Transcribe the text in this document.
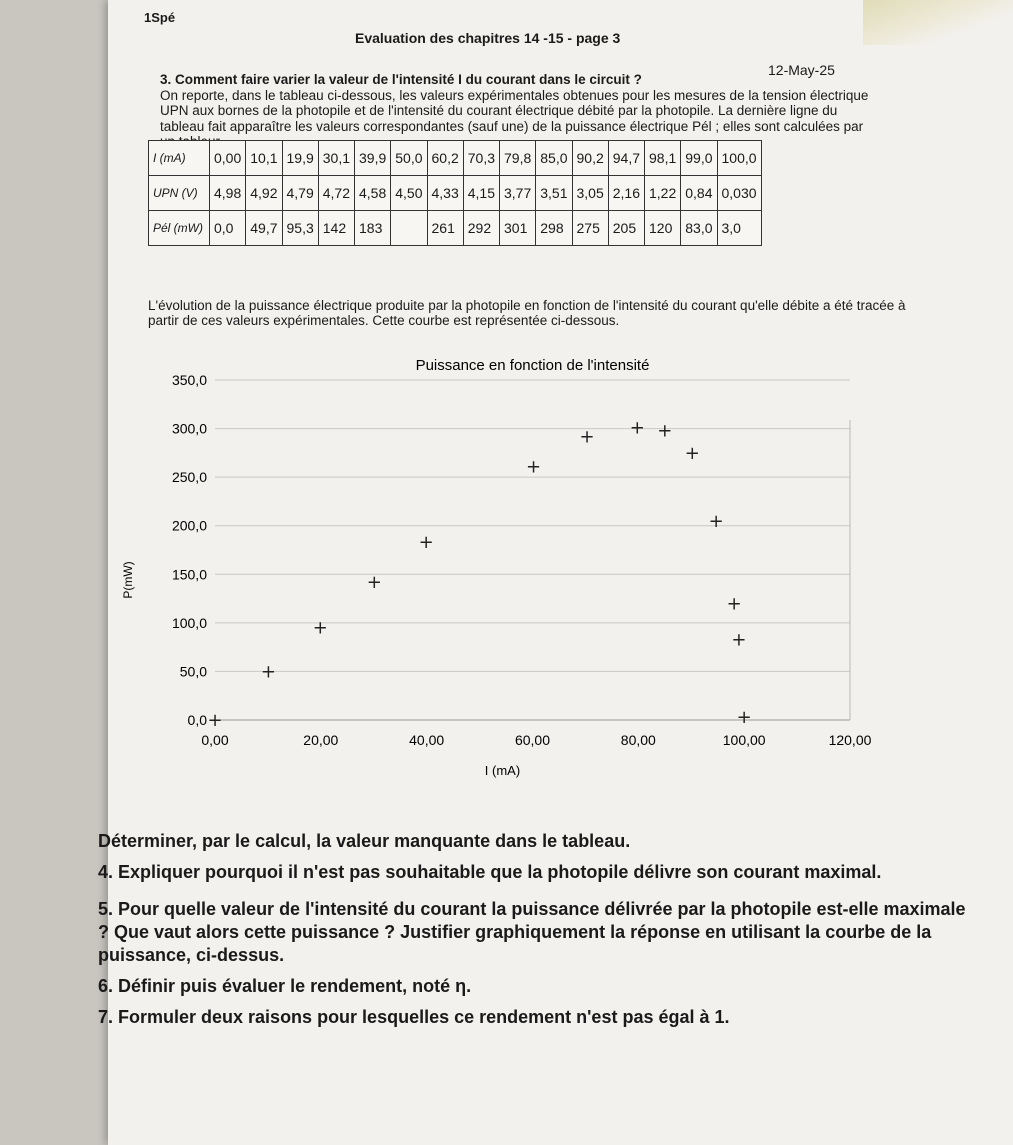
1Spé
Evaluation des chapitres 14 -15 - page 3
12-May-25
3. Comment faire varier la valeur de l'intensité I du courant dans le circuit ?
On reporte, dans le tableau ci-dessous, les valeurs expérimentales obtenues pour les mesures de la tension électrique UPN aux bornes de la photopile et de l'intensité du courant électrique débité par la photopile. La dernière ligne du tableau fait apparaître les valeurs correspondantes (sauf une) de la puissance électrique Pél ; elles sont calculées par
I (mA)	0,00	10,1	19,9	30,1	39,9	50,0	60,2	70,3	79,8	85,0	90,2	94,7	98,1	99,0	100,0
UPN (V)	4,98	4,92	4,79	4,72	4,58	4,50	4,33	4,15	3,77	3,51	3,05	2,16	1,22	0,84	0,030
Pél (mW)	0,0	49,7	95,3	142	183		261	292	301	298	275	205	120	83,0	3,0
L'évolution de la puissance électrique produite par la photopile en fonction de l'intensité du courant qu'elle débite a été tracée à partir de ces valeurs expérimentales. Cette courbe est représentée ci-dessous.
Puissance en fonction de l'intensité
0,0
50,0
100,0
150,0
200,0
250,0
300,0
350,0
0,00	20,00	40,00	60,00	80,00	100,00	120,00
I (mA)
P(mW)
+
+
+
+
+
+
+ + +
+
+
+
+
+

Déterminer, par le calcul, la valeur manquante dans le tableau.

4. Expliquer pourquoi il n'est pas souhaitable que la photopile délivre son courant maximal.

5. Pour quelle valeur de l'intensité du courant la puissance délivrée par la photopile est-elle maximale ? Que vaut alors cette puissance ? Justifier graphiquement la réponse en utilisant la courbe de la puissance, ci-dessus.

6. Définir puis évaluer le rendement, noté η.

7. Formuler deux raisons pour lesquelles ce rendement n'est pas égal à 1.
